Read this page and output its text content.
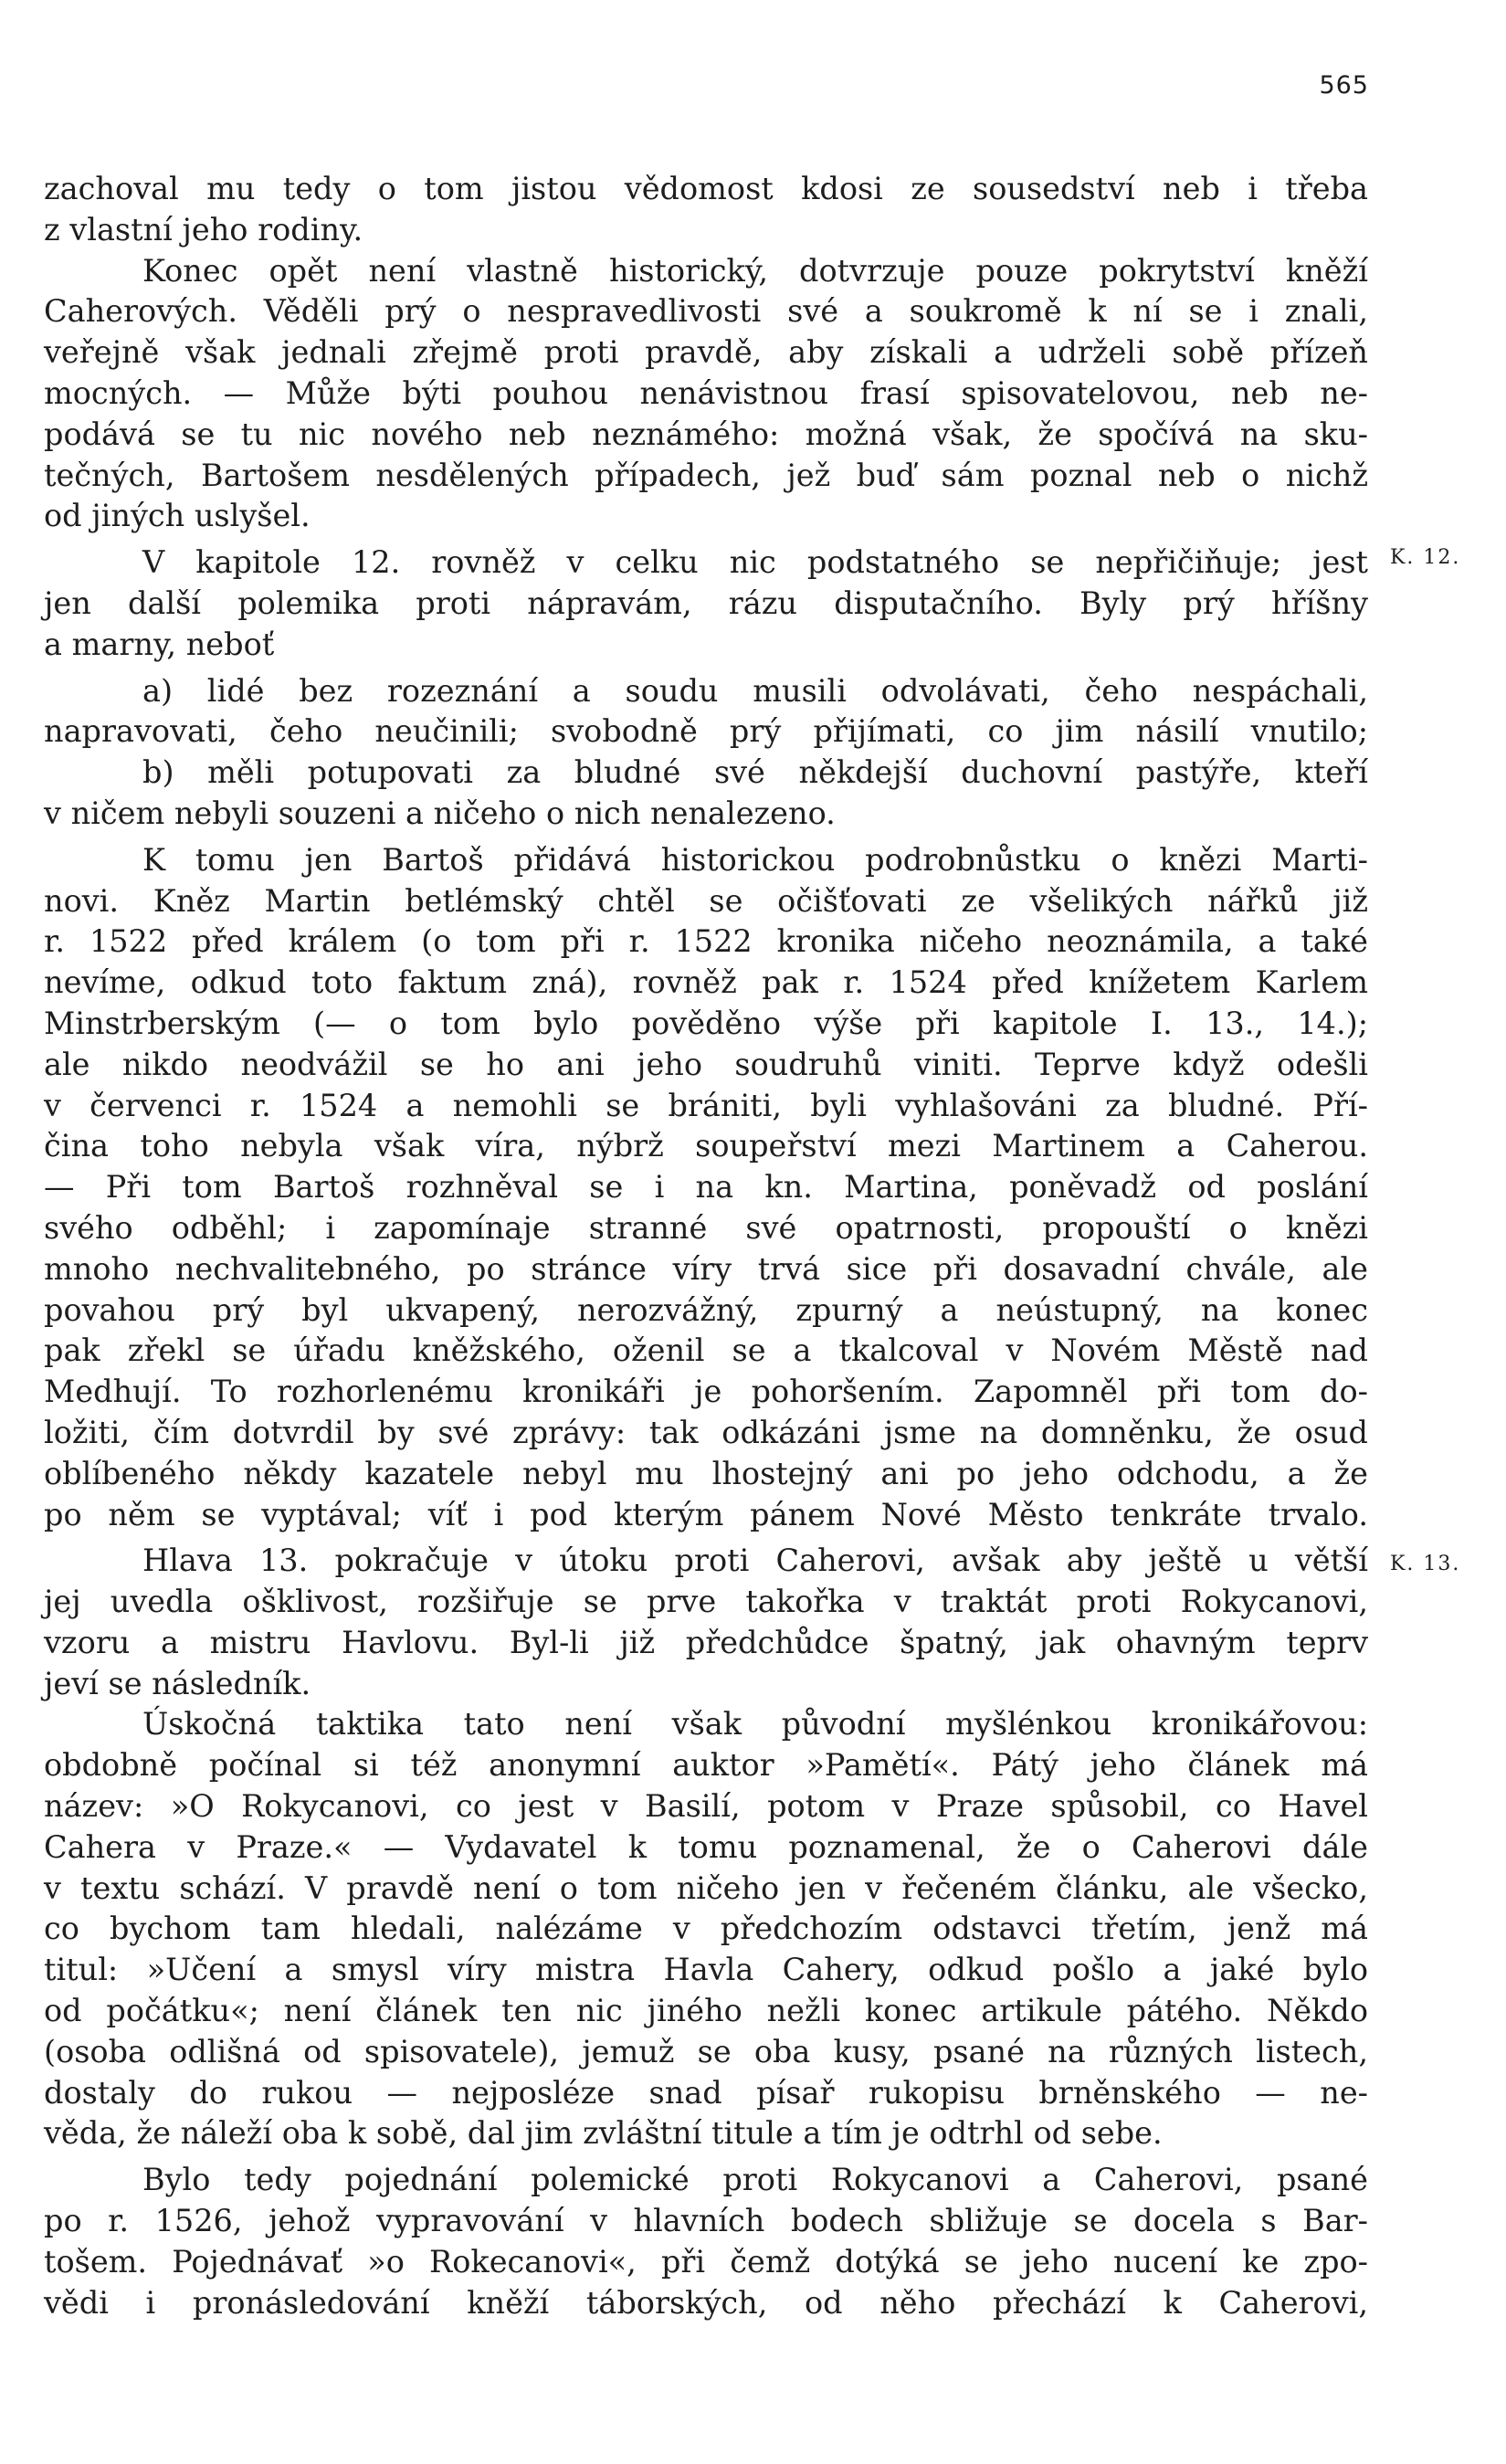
565
K. 12.
K. 13.
zachoval mu tedy o tom jistou vědomost kdosi ze sousedství neb i třeba
z vlastní jeho rodiny.
Konec opět není vlastně historický, dotvrzuje pouze pokrytství kněží
Caherových. Věděli prý o nespravedlivosti své a soukromě k ní se i znali,
veřejně však jednali zřejmě proti pravdě, aby získali a udrželi sobě přízeň
mocných. — Může býti pouhou nenávistnou frasí spisovatelovou, neb ne-
podává se tu nic nového neb neznámého: možná však, že spočívá na sku-
tečných, Bartošem nesdělených případech, jež buď sám poznal neb o nichž
od jiných uslyšel.
V kapitole 12. rovněž v celku nic podstatného se nepřičiňuje; jest
jen další polemika proti nápravám, rázu disputačního. Byly prý hříšny
a marny, neboť
a) lidé bez rozeznání a soudu musili odvolávati, čeho nespáchali,
napravovati, čeho neučinili; svobodně prý přijímati, co jim násilí vnutilo;
b) měli potupovati za bludné své někdejší duchovní pastýře, kteří
v ničem nebyli souzeni a ničeho o nich nenalezeno.
K tomu jen Bartoš přidává historickou podrobnůstku o knězi Marti-
novi. Kněz Martin betlémský chtěl se očišťovati ze všelikých nářků již
r. 1522 před králem (o tom při r. 1522 kronika ničeho neoznámila, a také
nevíme, odkud toto faktum zná), rovněž pak r. 1524 před knížetem Karlem
Minstrberským (— o tom bylo pověděno výše při kapitole I. 13., 14.);
ale nikdo neodvážil se ho ani jeho soudruhů viniti. Teprve když odešli
v červenci r. 1524 a nemohli se brániti, byli vyhlašováni za bludné. Pří-
čina toho nebyla však víra, nýbrž soupeřství mezi Martinem a Caherou.
— Při tom Bartoš rozhněval se i na kn. Martina, poněvadž od poslání
svého odběhl; i zapomínaje stranné své opatrnosti, propouští o knězi
mnoho nechvalitebného, po stránce víry trvá sice při dosavadní chvále, ale
povahou prý byl ukvapený, nerozvážný, zpurný a neústupný, na konec
pak zřekl se úřadu kněžského, oženil se a tkalcoval v Novém Městě nad
Medhují. To rozhorlenému kronikáři je pohoršením. Zapomněl při tom do-
ložiti, čím dotvrdil by své zprávy: tak odkázáni jsme na domněnku, že osud
oblíbeného někdy kazatele nebyl mu lhostejný ani po jeho odchodu, a že
po něm se vyptával; víť i pod kterým pánem Nové Město tenkráte trvalo.
Hlava 13. pokračuje v útoku proti Caherovi, avšak aby ještě u větší
jej uvedla ošklivost, rozšiřuje se prve takořka v traktát proti Rokycanovi,
vzoru a mistru Havlovu. Byl-li již předchůdce špatný, jak ohavným teprv
jeví se následník.
Úskočná taktika tato není však původní myšlénkou kronikářovou:
obdobně počínal si též anonymní auktor »Pamětí«. Pátý jeho článek má
název: »O Rokycanovi, co jest v Basilí, potom v Praze spůsobil, co Havel
Cahera v Praze.« — Vydavatel k tomu poznamenal, že o Caherovi dále
v textu schází. V pravdě není o tom ničeho jen v řečeném článku, ale všecko,
co bychom tam hledali, nalézáme v předchozím odstavci třetím, jenž má
titul: »Učení a smysl víry mistra Havla Cahery, odkud pošlo a jaké bylo
od počátku«; není článek ten nic jiného nežli konec artikule pátého. Někdo
(osoba odlišná od spisovatele), jemuž se oba kusy, psané na různých listech,
dostaly do rukou — nejposléze snad písař rukopisu brněnského — ne-
věda, že náleží oba k sobě, dal jim zvláštní titule a tím je odtrhl od sebe.
Bylo tedy pojednání polemické proti Rokycanovi a Caherovi, psané
po r. 1526, jehož vypravování v hlavních bodech sbližuje se docela s Bar-
tošem. Pojednávať »o Rokecanovi«, při čemž dotýká se jeho nucení ke zpo-
vědi i pronásledování kněží táborských, od něho přechází k Caherovi,
